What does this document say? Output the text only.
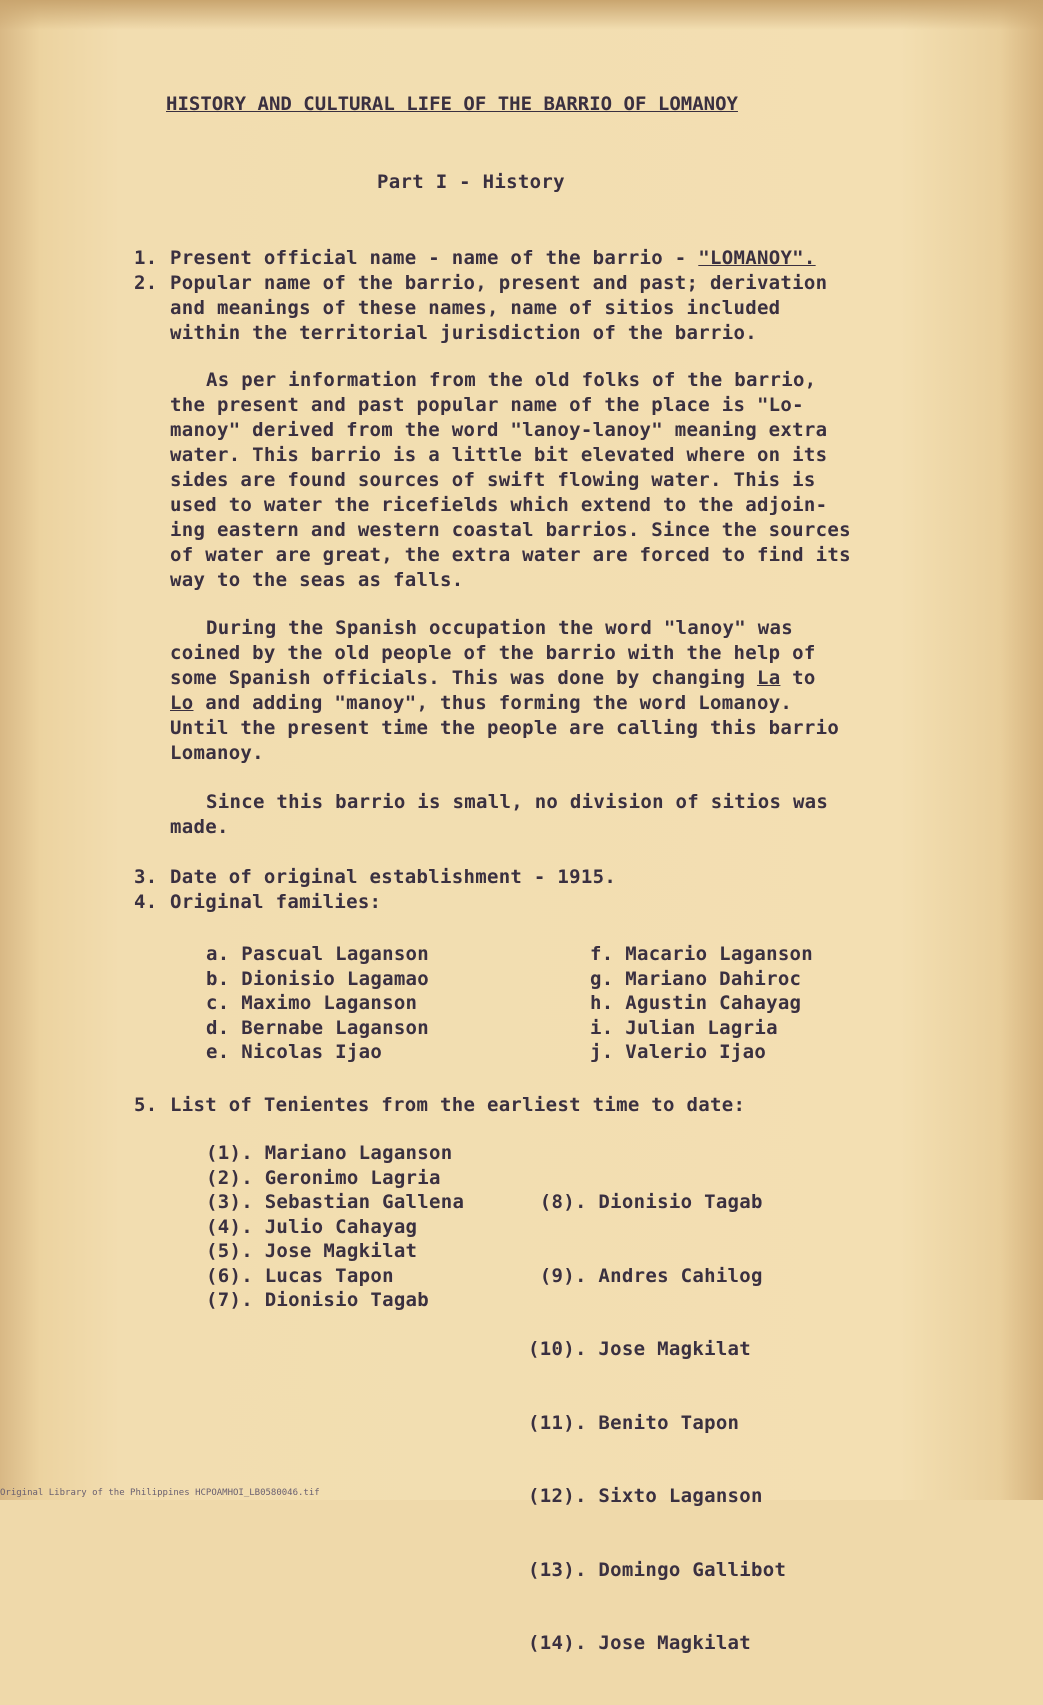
HISTORY AND CULTURAL LIFE OF THE BARRIO OF LOMANOY
Part I - History
1. Present official name - name of the barrio - "LOMANOY".
2. Popular name of the barrio, present and past; derivation
and meanings of these names, name of sitios included
within the territorial jurisdiction of the barrio.
As per information from the old folks of the barrio,
the present and past popular name of the place is "Lo-
manoy" derived from the word "lanoy-lanoy" meaning extra
water. This barrio is a little bit elevated where on its
sides are found sources of swift flowing water. This is
used to water the ricefields which extend to the adjoin-
ing eastern and western coastal barrios. Since the sources
of water are great, the extra water are forced to find its
way to the seas as falls.
During the Spanish occupation the word "lanoy" was
coined by the old people of the barrio with the help of
some Spanish officials. This was done by changing La to
Lo and adding "manoy", thus forming the word Lomanoy.
Until the present time the people are calling this barrio
Lomanoy.
Since this barrio is small, no division of sitios was
made.
3. Date of original establishment - 1915.
4. Original families:
a. Pascual Laganson
b. Dionisio Lagamao
c. Maximo Laganson
d. Bernabe Laganson
e. Nicolas Ijao
f. Macario Laganson
g. Mariano Dahiroc
h. Agustin Cahayag
i. Julian Lagria
j. Valerio Ijao
5. List of Tenientes from the earliest time to date:
(1). Mariano Laganson
(2). Geronimo Lagria
(3). Sebastian Gallena
(4). Julio Cahayag
(5). Jose Magkilat
(6). Lucas Tapon
(7). Dionisio Tagab

(8). Dionisio Tagab

(9). Andres Cahilog

(10). Jose Magkilat

(11). Benito Tapon

(12). Sixto Laganson

(13). Domingo Gallibot

(14). Jose Magkilat

Original Library of the Philippines HCPOAMHOI_LB0580046.tif
